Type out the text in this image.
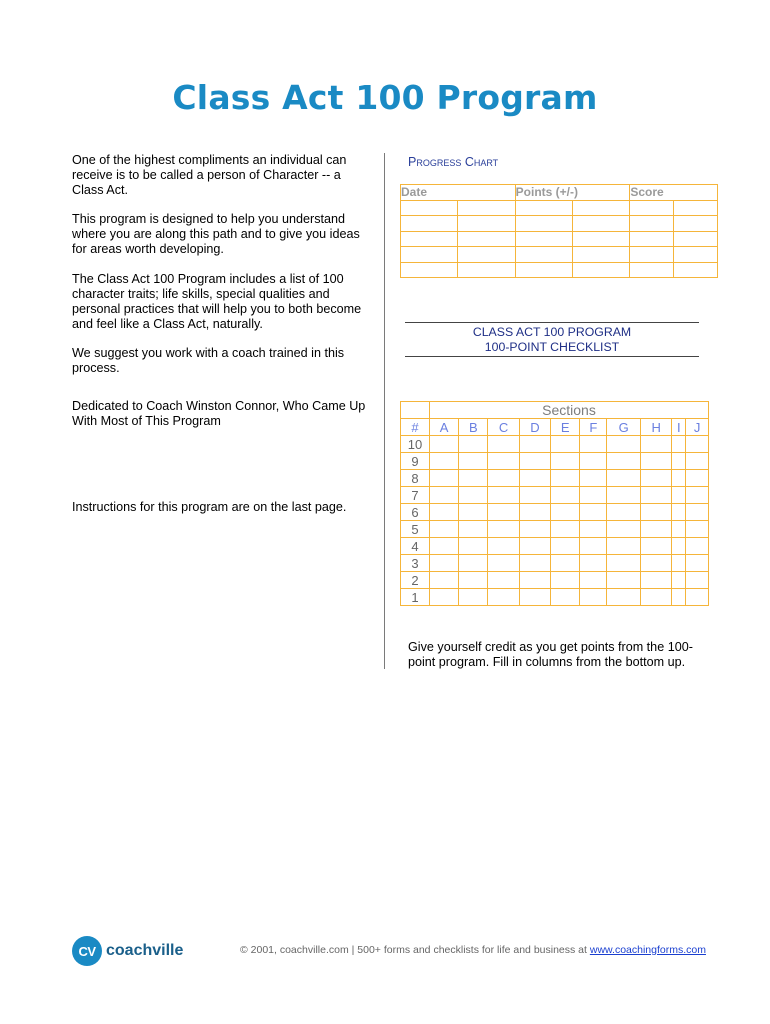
Class Act 100 Program

One of the highest compliments an individual can receive is to be called a person of Character -- a Class Act.

This program is designed to help you understand where you are along this path and to give you ideas for areas worth developing.

The Class Act 100 Program includes a list of 100 character traits; life skills, special qualities and personal practices that will help you to both become and feel like a Class Act, naturally.

We suggest you work with a coach trained in this process.

Dedicated to Coach Winston Connor, Who Came Up With Most of This Program

Instructions for this program are on the last page.

Progress Chart
Date		Points (+/-)		Score	

CLASS ACT 100 PROGRAM
100-POINT CHECKLIST
	Sections									
#	A	B	C	D	E	F	G	H	I	J
10										
9										
8										
7										
6										
5										
4										
3										
2										
1										
Give yourself credit as you get points from the 100-point program. Fill in columns from the bottom up.
CV coachville	© 2001, coachville.com | 500+ forms and checklists for life and business at www.coachingforms.com
